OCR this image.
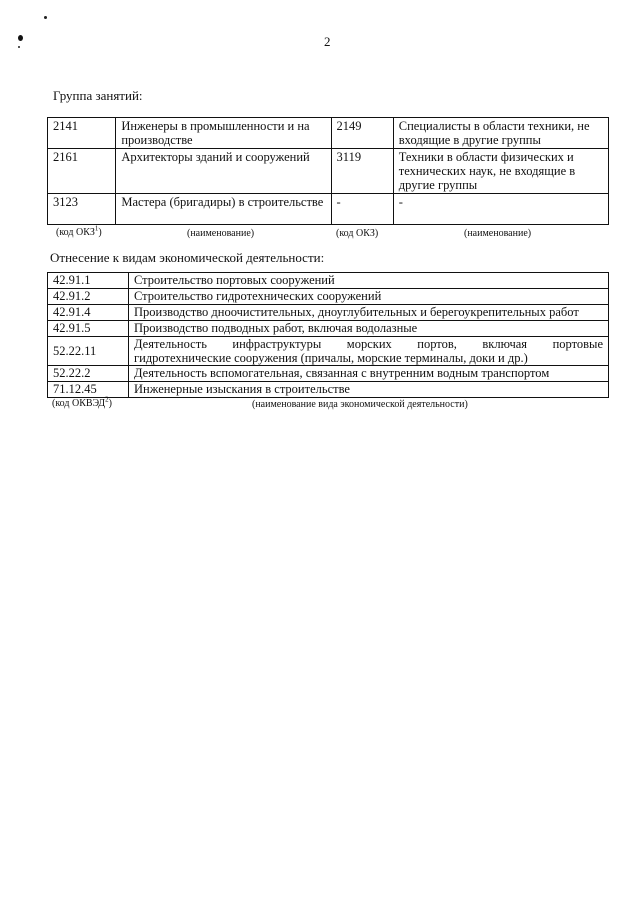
2
Группа занятий:
2141	Инженеры в промышленности и на производстве	2149	Специалисты в области техники, не входящие в другие группы
2161	Архитекторы зданий и сооружений	3119	Техники в области физических и технических наук, не входящие в другие группы
3123	Мастера (бригадиры) в строительстве	-	-
(код ОКЗ$^1$)	(наименование)	(код ОКЗ)	(наименование)
Отнесение к видам экономической деятельности:
42.91.1	Строительство портовых сооружений
42.91.2	Строительство гидротехнических сооружений
42.91.4	Производство дноочистительных, дноуглубительных и берегоукрепительных работ
42.91.5	Производство подводных работ, включая водолазные
52.22.11	Деятельность инфраструктуры морских портов, включая портовые
гидротехнические сооружения (причалы, морские терминалы, доки и др.)

52.22.2	Деятельность вспомогательная, связанная с внутренним водным транспортом
71.12.45	Инженерные изыскания в строительстве
(код ОКВЭД$^2$)	(наименование вида экономической деятельности)
